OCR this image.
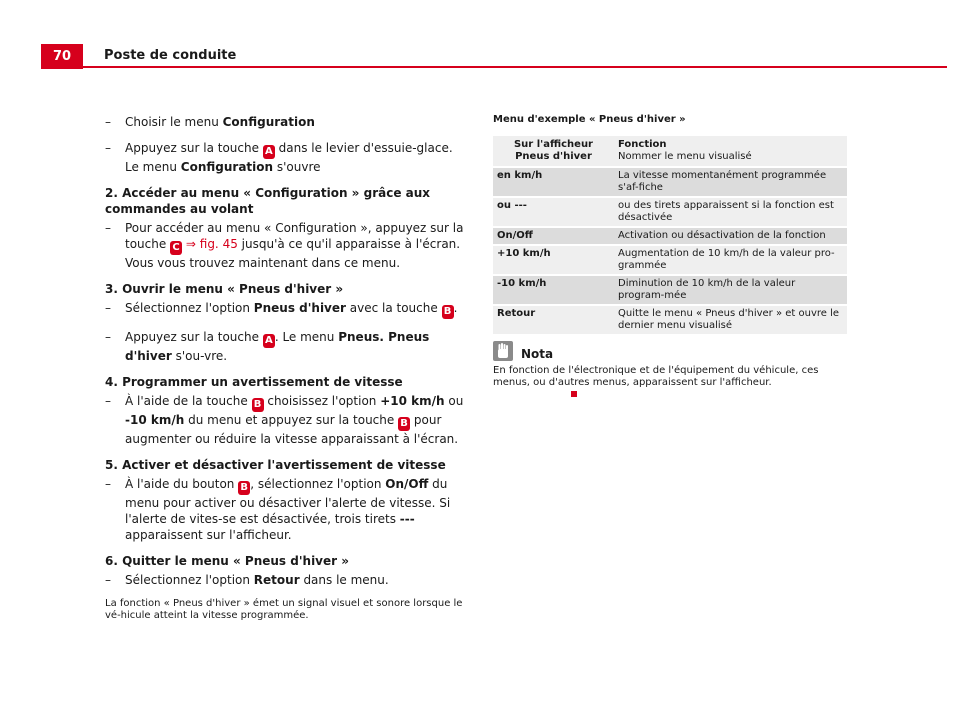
70	Poste de conduite
– Choisir le menu Configuration

– Appuyez sur la touche A dans le levier d'essuie-glace. Le menu Configuration s'ouvre

2. Accéder au menu « Configuration » grâce aux commandes au volant

– Pour accéder au menu « Configuration », appuyez sur la touche C ⇒ fig. 45 jusqu'à ce qu'il apparaisse à l'écran. Vous vous trouvez maintenant dans ce menu.

3. Ouvrir le menu « Pneus d'hiver »

– Sélectionnez l'option Pneus d'hiver avec la touche B .

– Appuyez sur la touche A . Le menu Pneus. Pneus d'hiver s'ou-vre.

4. Programmer un avertissement de vitesse

– À l'aide de la touche B choisissez l'option +10 km/h ou -10 km/h du menu et appuyez sur la touche B pour augmenter ou réduire la vitesse apparaissant à l'écran.

5. Activer et désactiver l'avertissement de vitesse

– À l'aide du bouton B , sélectionnez l'option On/Off du menu pour activer ou désactiver l'alerte de vitesse. Si l'alerte de vites-se est désactivée, trois tirets --- apparaissent sur l'afficheur.

6. Quitter le menu « Pneus d'hiver »

– Sélectionnez l'option Retour dans le menu.

La fonction « Pneus d'hiver » émet un signal visuel et sonore lorsque le vé-hicule atteint la vitesse programmée.

Menu d'exemple « Pneus d'hiver »
Sur l'afficheur Pneus d'hiver	Fonction
Nommer le menu visualisé
en km/h	La vitesse momentanément programmée s'af-fiche
ou ---	ou des tirets apparaissent si la fonction est désactivée
On/Off	Activation ou désactivation de la fonction
+10 km/h	Augmentation de 10 km/h de la valeur pro-grammée
-10 km/h	Diminution de 10 km/h de la valeur program-mée
Retour	Quitte le menu « Pneus d'hiver » et ouvre le dernier menu visualisé
Nota
En fonction de l'électronique et de l'équipement du véhicule, ces menus, ou d'autres menus, apparaissent sur l'afficheur.
